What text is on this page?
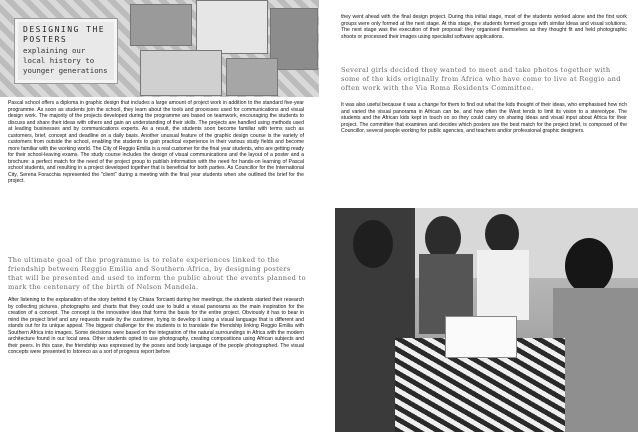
DESIGNING THE POSTERS
explaining our local history to younger generations

Pascal school offers a diploma in graphic design that includes a large amount of project work in addition to the standard five-year programme. As soon as students join the school, they learn about the tools and processes used for communications and visual design work. The majority of the projects developed during the programme are based on teamwork, encouraging the students to discuss and share their ideas with others and gain an understanding of their skills. The projects are handled using methods used at leading businesses and by communications experts. As a result, the students soon become familiar with terms such as customers, brief, concept and deadline on a daily basis. Another unusual feature of the graphic design course is the variety of customers from outside the school, enabling the students to gain practical experience in their various study fields and become more familiar with the working world. The City of Reggio Emilia is a real customer for the final year students, who are getting ready for their school-leaving exams. The study course includes the design of visual communications and the layout of a poster and a brochure: a perfect match for the need of the project group to publish information with the need for hands-on learning of Pascal school students, and resulting in a project developed together that is beneficial for both parties. As Councillor for the International City, Serena Foracchia represented the "client" during a meeting with the final year students when she outlined the brief for the project.

The ultimate goal of the programme is to relate experiences linked to the friendship between Reggio Emilia and Southern Africa, by designing posters that will be presented and used to inform the public about the events planned to mark the centenary of the birth of Nelson Mandela.

After listening to the explanation of the story behind it by Chiara Torcianti during her meetings, the students started their research by collecting pictures, photographs and charts that they could use to build a visual panorama as the main inspiration for the creation of a concept. The concept is the innovative idea that forms the basis for the entire project. Obviously it has to bear in mind the project brief and any requests made by the customer, trying to develop it using a visual language that is different and stands out for its unique appeal. The biggest challenge for the students is to translate the friendship linking Reggio Emilia with Southern Africa into images. Some decisions were based on the integration of the natural surroundings in Africa with the modern architecture found in our local area. Other students opted to use photography, creating compositions using African subjects and their peers. In this case, the friendship was expressed by the poses and body language of the people photographed. The visual concepts were presented to Istoreco as a sort of progress report before

they went ahead with the final design project. During this initial stage, most of the students worked alone and the first work groups were only formed at the next stage. At this stage, the students formed groups with similar ideas and visual solutions. The next stage was the execution of their proposal: they organised themselves as they thought fit and held photographic shoots or processed their images using specialist software applications.

Several girls decided they wanted to meet and take photos together with some of the kids originally from Africa who have come to live at Reggio and often work with the Via Roma Residents Committee.

It was also useful because it was a change for them to find out what the kids thought of their ideas, who emphasised how rich and varied the visual panorama in African can be, and how often the West tends to limit its vision to a stereotype. The students and the African kids kept in touch so so they could carry on sharing ideas and visual input about Africa for their project. The committee that examines and decides which posters are the best match for the project brief, is composed of the Councillor, several people working for public agencies, and teachers and/or professional graphic designers.
